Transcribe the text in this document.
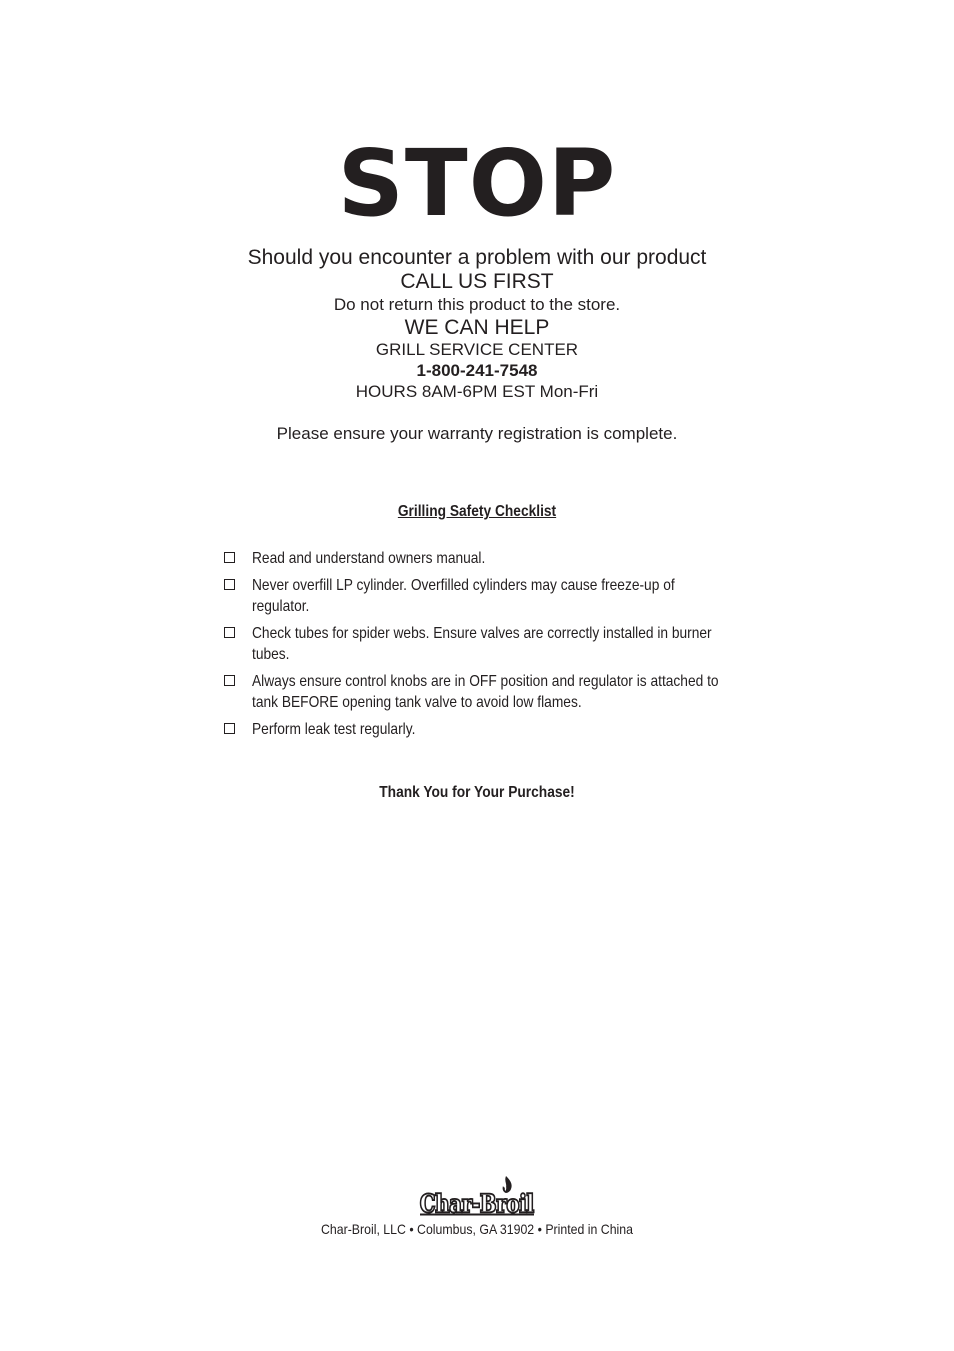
STOP
Should you encounter a problem with our product
CALL US FIRST
Do not return this product to the store.
WE CAN HELP
GRILL SERVICE CENTER
1-800-241-7548
HOURS 8AM-6PM EST Mon-Fri
Please ensure your warranty registration is complete.
Grilling Safety Checklist
Read and understand owners manual.
Never overfill LP cylinder. Overfilled cylinders may cause freeze-up of regulator.
Check tubes for spider webs. Ensure valves are correctly installed in burner tubes.
Always ensure control knobs are in OFF position and regulator is attached to tank BEFORE opening tank valve to avoid low flames.
Perform leak test regularly.
Thank You for Your Purchase!
Char-Broil
Char-Broil
Char-Broil, LLC • Columbus, GA 31902 • Printed in China
